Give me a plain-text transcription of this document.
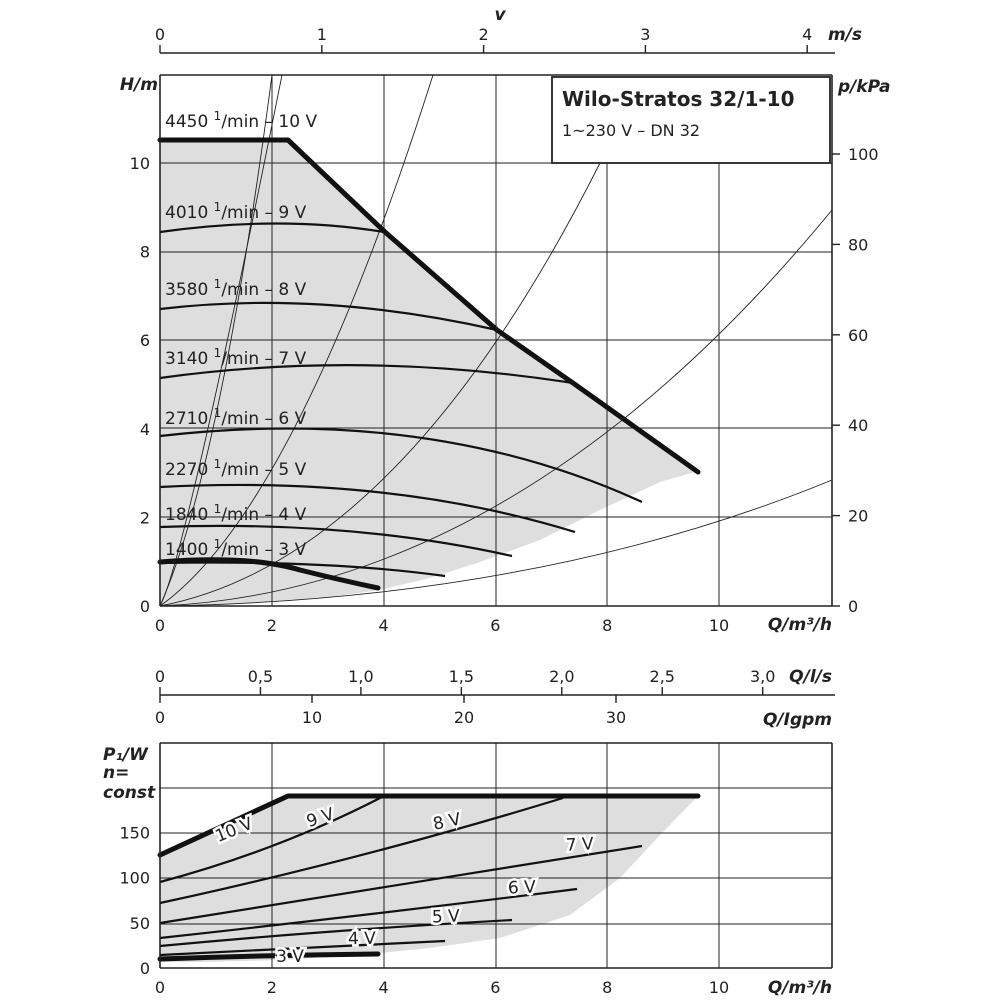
Wilo-Stratos 32/1-10
1~230 V – DN 32
v
m/s
H/m	p/kPa
Q/m³/h
0	2	4	6	8	10
0
2
4
6
8
10
0
20
40
60
80
100
0	1	2	3	4
4450 $^1$/min – 10 V
4010 $^1$/min – 9 V
3580 $^1$/min – 8 V
3140 $^1$/min – 7 V
2710 $^1$/min – 6 V
2270 $^1$/min – 5 V
1840 $^1$/min – 4 V
1400 $^1$/min – 3 V
Q/l/s
Q/Igpm
0	0,5	1,0	1,5	2,0	2,5	3,0
0	10	20	30
P₁/W
n=
const
Q/m³/h
0	2	4	6	8	10
0
50
100
150	10 V	9 V	8 V
7 V
6 V
5 V
4 V
3 V
